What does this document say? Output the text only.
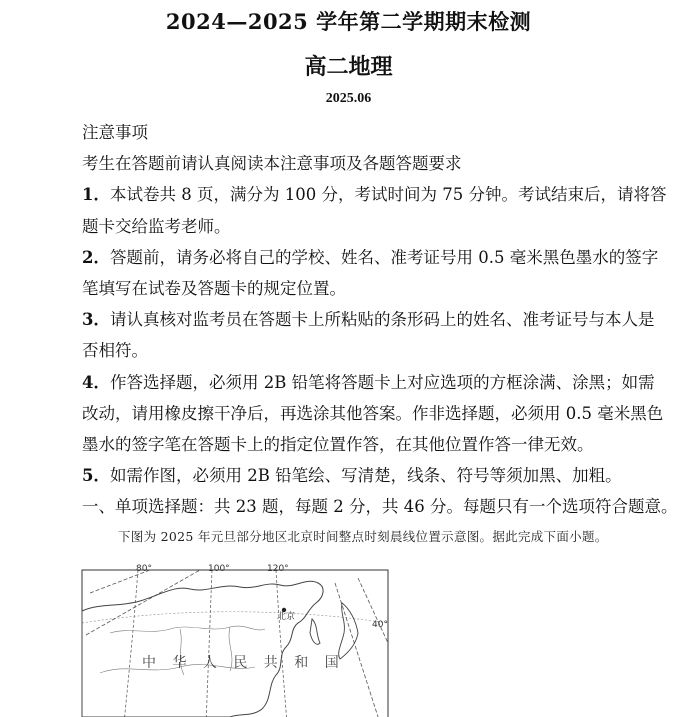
2024—2025 学年第二学期期末检测
高二地理
2025.06
注意事项
考生在答题前请认真阅读本注意事项及各题答题要求
1．本试卷共 8 页，满分为 100 分，考试时间为 75 分钟。考试结束后，请将答
题卡交给监考老师。
2．答题前，请务必将自己的学校、姓名、准考证号用 0.5 毫米黑色墨水的签字
笔填写在试卷及答题卡的规定位置。
3．请认真核对监考员在答题卡上所粘贴的条形码上的姓名、准考证号与本人是
否相符。
4．作答选择题，必须用 2B 铅笔将答题卡上对应选项的方框涂满、涂黑；如需
改动，请用橡皮擦干净后，再选涂其他答案。作非选择题，必须用 0.5 毫米黑色
墨水的签字笔在答题卡上的指定位置作答，在其他位置作答一律无效。
5．如需作图，必须用 2B 铅笔绘、写清楚，线条、符号等须加黑、加粗。
一、单项选择题：共 23 题，每题 2 分，共 46 分。每题只有一个选项符合题意。
下图为 2025 年元旦部分地区北京时间整点时刻晨线位置示意图。据此完成下面小题。
北京
80°	100°	120°
40°
中 华 人 民 共 和 国
